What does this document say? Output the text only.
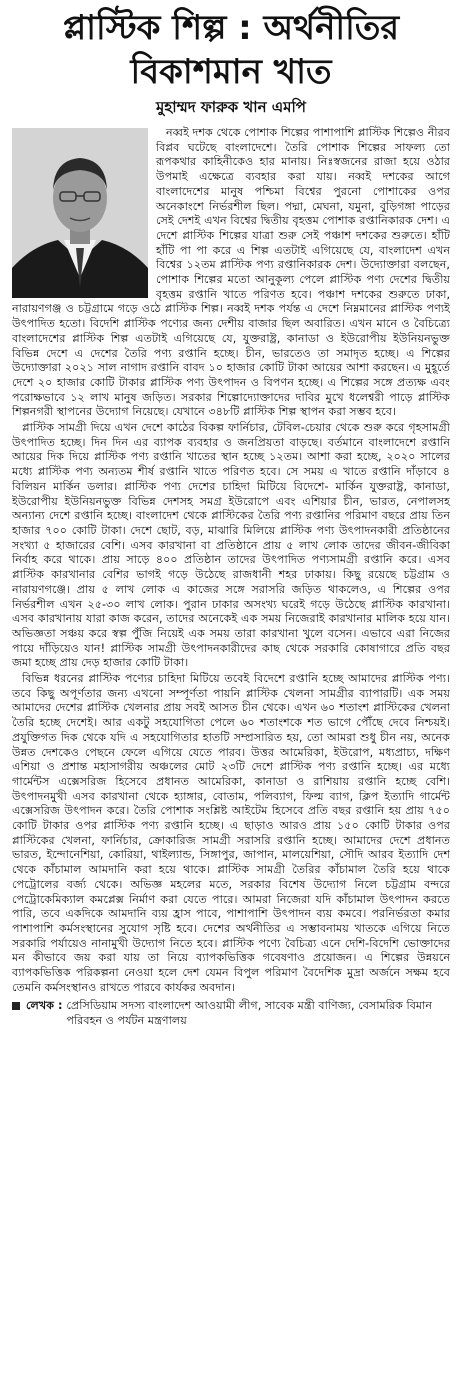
প্লাস্টিক শিল্প : অর্থনীতির
বিকাশমান খাত
মুহাম্মদ ফারুক খান এমপি

নব্বই দশক থেকে পোশাক শিল্পের পাশাপাশি প্লাস্টিক শিল্পেও নীরব বিপ্লব ঘটেছে বাংলাদেশে। তৈরি পোশাক শিল্পের সাফল্য তো রূপকথার কাহিনীকেও হার মানায়। নিঃস্বজনের রাজা হয়ে ওঠার উপমাই এক্ষেত্রে ব্যবহার করা যায়। নব্বই দশকের আগে বাংলাদেশের মানুষ পশ্চিমা বিশ্বের পুরনো পোশাকের ওপর অনেকাংশে নির্ভরশীল ছিল। পদ্মা, মেঘনা, যমুনা, বুড়িগঙ্গা পাড়ের সেই দেশই এখন বিশ্বের দ্বিতীয় বৃহত্তম পোশাক রপ্তানিকারক দেশ। এ দেশে প্লাস্টিক শিল্পের যাত্রা শুরু সেই পঞ্চাশ দশকের শুরুতে। হাঁটি হাঁটি পা পা করে এ শিল্প এতটাই এগিয়েছে যে, বাংলাদেশ এখন বিশ্বের ১২তম প্লাস্টিক পণ্য রপ্তানিকারক দেশ। উদ্যোক্তারা বলছেন, পোশাক শিল্পের মতো আনুকূল্য পেলে প্লাস্টিক পণ্য দেশের দ্বিতীয় বৃহত্তম রপ্তানি খাতে পরিণত হবে। পঞ্চাশ দশকের শুরুতে ঢাকা, নারায়ণগঞ্জ ও চট্টগ্রামে গড়ে ওঠে প্লাস্টিক শিল্প। নব্বই দশক পর্যন্ত এ দেশে নিম্নমানের প্লাস্টিক পণ্যই উৎপাদিত হতো। বিদেশি প্লাস্টিক পণ্যের জন্য দেশীয় বাজার ছিল অবারিত। এখন মানে ও বৈচিত্র্যে বাংলাদেশের প্লাস্টিক শিল্প এতটাই এগিয়েছে যে, যুক্তরাষ্ট্র, কানাডা ও ইউরোপীয় ইউনিয়নভুক্ত বিভিন্ন দেশে এ দেশের তৈরি পণ্য রপ্তানি হচ্ছে। চীন, ভারতেও তা সমাদৃত হচ্ছে। এ শিল্পের উদ্যোক্তারা ২০২১ সাল নাগাদ রপ্তানি বাবদ ১০ হাজার কোটি টাকা আয়ের আশা করছেন। এ মুহূর্তে দেশে ২০ হাজার কোটি টাকার প্লাস্টিক পণ্য উৎপাদন ও বিপণন হচ্ছে। এ শিল্পের সঙ্গে প্রত্যক্ষ এবং পরোক্ষভাবে ১২ লাখ মানুষ জড়িত। সরকার শিল্পোদ্যোক্তাদের দাবির মুখে ধলেশ্বরী পাড়ে প্লাস্টিক শিল্পনগরী স্থাপনের উদ্যোগ নিয়েছে। যেখানে ৩৪৮টি প্লাস্টিক শিল্প স্থাপন করা সম্ভব হবে।

প্লাস্টিক সামগ্রী দিয়ে এখন দেশে কাঠের বিকল্প ফার্নিচার, টেবিল-চেয়ার থেকে শুরু করে গৃহসামগ্রী উৎপাদিত হচ্ছে। দিন দিন এর ব্যাপক ব্যবহার ও জনপ্রিয়তা বাড়ছে। বর্তমানে বাংলাদেশে রপ্তানি আয়ের দিক দিয়ে প্লাস্টিক পণ্য রপ্তানি খাতের স্থান হচ্ছে ১২তম। আশা করা হচ্ছে, ২০২০ সালের মধ্যে প্লাস্টিক পণ্য অন্যতম শীর্ষ রপ্তানি খাতে পরিণত হবে। সে সময় এ খাতে রপ্তানি দাঁড়াবে ৪ বিলিয়ন মার্কিন ডলার। প্লাস্টিক পণ্য দেশের চাহিদা মিটিয়ে বিদেশে- মার্কিন যুক্তরাষ্ট্র, কানাডা, ইউরোপীয় ইউনিয়নভুক্ত বিভিন্ন দেশসহ সমগ্র ইউরোপে এবং এশিয়ার চীন, ভারত, নেপালসহ অন্যান্য দেশে রপ্তানি হচ্ছে। বাংলাদেশ থেকে প্লাস্টিকের তৈরি পণ্য রপ্তানির পরিমাণ বছরে প্রায় তিন হাজার ৭০০ কোটি টাকা। দেশে ছোট, বড়, মাঝারি মিলিয়ে প্লাস্টিক পণ্য উৎপাদনকারী প্রতিষ্ঠানের সংখ্যা ৫ হাজারের বেশি। এসব কারখানা বা প্রতিষ্ঠানে প্রায় ৫ লাখ লোক তাদের জীবন-জীবিকা নির্বাহ করে থাকে। প্রায় সাড়ে ৪০০ প্রতিষ্ঠান তাদের উৎপাদিত পণ্যসামগ্রী রপ্তানি করে। এসব প্লাস্টিক কারখানার বেশির ভাগই গড়ে উঠেছে রাজধানী শহর ঢাকায়। কিছু রয়েছে চট্টগ্রাম ও নারায়ণগঞ্জে। প্রায় ৫ লাখ লোক এ কাজের সঙ্গে সরাসরি জড়িত থাকলেও, এ শিল্পের ওপর নির্ভরশীল এখন ২৫-৩০ লাখ লোক। পুরান ঢাকার অসংখ্য ঘরেই গড়ে উঠেছে প্লাস্টিক কারখানা। এসব কারখানায় যারা কাজ করেন, তাদের অনেকেই এক সময় নিজেরাই কারখানার মালিক হয়ে যান। অভিজ্ঞতা সঞ্চয় করে স্বল্প পুঁজি নিয়েই এক সময় তারা কারখানা খুলে বসেন। এভাবে এরা নিজের পায়ে দাঁড়িয়েও যান! প্লাস্টিক সামগ্রী উৎপাদনকারীদের কাছ থেকে সরকারি কোষাগারে প্রতি বছর জমা হচ্ছে প্রায় দেড় হাজার কোটি টাকা।

বিভিন্ন ধরনের প্লাস্টিক পণ্যের চাহিদা মিটিয়ে তবেই বিদেশে রপ্তানি হচ্ছে আমাদের প্লাস্টিক পণ্য। তবে কিছু অপূর্ণতার জন্য এখনো সম্পূর্ণতা পায়নি প্লাস্টিক খেলনা সামগ্রীর ব্যাপারটি। এক সময় আমাদের দেশের প্লাস্টিক খেলনার প্রায় সবই আসত চীন থেকে। এখন ৬০ শতাংশ প্লাস্টিকের খেলনা তৈরি হচ্ছে দেশেই। আর একটু সহযোগিতা পেলে ৬০ শতাংশকে শত ভাগে পৌঁছে দেবে নিশ্চয়ই। প্রযুক্তিগত দিক থেকে যদি এ সহযোগিতার হাতটি সম্প্রসারিত হয়, তো আমরা শুধু চীন নয়, অনেক উন্নত দেশকেও পেছনে ফেলে এগিয়ে যেতে পারব। উত্তর আমেরিকা, ইউরোপ, মধ্যপ্রাচ্য, দক্ষিণ এশিয়া ও প্রশান্ত মহাসাগরীয় অঞ্চলের মোট ২৩টি দেশে প্লাস্টিক পণ্য রপ্তানি হচ্ছে। এর মধ্যে গার্মেন্টস এক্সেসরিজ হিসেবে প্রধানত আমেরিকা, কানাডা ও রাশিয়ায় রপ্তানি হচ্ছে বেশি। উৎপাদনমুখী এসব কারখানা থেকে হ্যাঙ্গার, বোতাম, পলিব্যাগ, ফিল্ম ব্যাগ, ক্লিপ ইত্যাদি গার্মেন্ট এক্সেসরিজ উৎপাদন করে। তৈরি পোশাক সংশ্লিষ্ট আইটেম হিসেবে প্রতি বছর রপ্তানি হয় প্রায় ৭৫০ কোটি টাকার ওপর প্লাস্টিক পণ্য রপ্তানি হচ্ছে। এ ছাড়াও আরও প্রায় ১৫০ কোটি টাকার ওপর প্লাস্টিকের খেলনা, ফার্নিচার, ক্রোকারিজ সামগ্রী সরাসরি রপ্তানি হচ্ছে। আমাদের দেশে প্রধানত ভারত, ইন্দোনেশিয়া, কোরিয়া, থাইল্যান্ড, সিঙ্গাপুর, জাপান, মালয়েশিয়া, সৌদি আরব ইত্যাদি দেশ থেকে কাঁচামাল আমদানি করা হয়ে থাকে। প্লাস্টিক সামগ্রী তৈরির কাঁচামাল তৈরি হয়ে থাকে পেট্রোলের বর্জ্য থেকে। অভিজ্ঞ মহলের মতে, সরকার বিশেষ উদ্যোগ নিলে চট্টগ্রাম বন্দরে পেট্রোকেমিক্যাল কমপ্লেক্স নির্মাণ করা যেতে পারে। আমরা নিজেরা যদি কাঁচামাল উৎপাদন করতে পারি, তবে একদিকে আমদানি ব্যয় হ্রাস পাবে, পাশাপাশি উৎপাদন ব্যয় কমবে। পরনির্ভরতা কমার পাশাপাশি কর্মসংস্থানের সুযোগ সৃষ্টি হবে। দেশের অর্থনীতির এ সম্ভাবনাময় খাতকে এগিয়ে নিতে সরকারি পর্যায়েও নানামুখী উদ্যোগ নিতে হবে। প্লাস্টিক পণ্যে বৈচিত্র্য এনে দেশি-বিদেশি ভোক্তাদের মন কীভাবে জয় করা যায় তা নিয়ে ব্যাপকভিত্তিক গবেষণাও প্রয়োজন। এ শিল্পের উন্নয়নে ব্যাপকভিত্তিক পরিকল্পনা নেওয়া হলে দেশ যেমন বিপুল পরিমাণ বৈদেশিক মুদ্রা অর্জনে সক্ষম হবে তেমনি কর্মসংস্থানও রাখতে পারবে কার্যকর অবদান।

লেখক : প্রেসিডিয়াম সদস্য বাংলাদেশ আওয়ামী লীগ, সাবেক মন্ত্রী বাণিজ্য, বেসামরিক বিমান পরিবহন ও পর্যটন মন্ত্রণালয়
